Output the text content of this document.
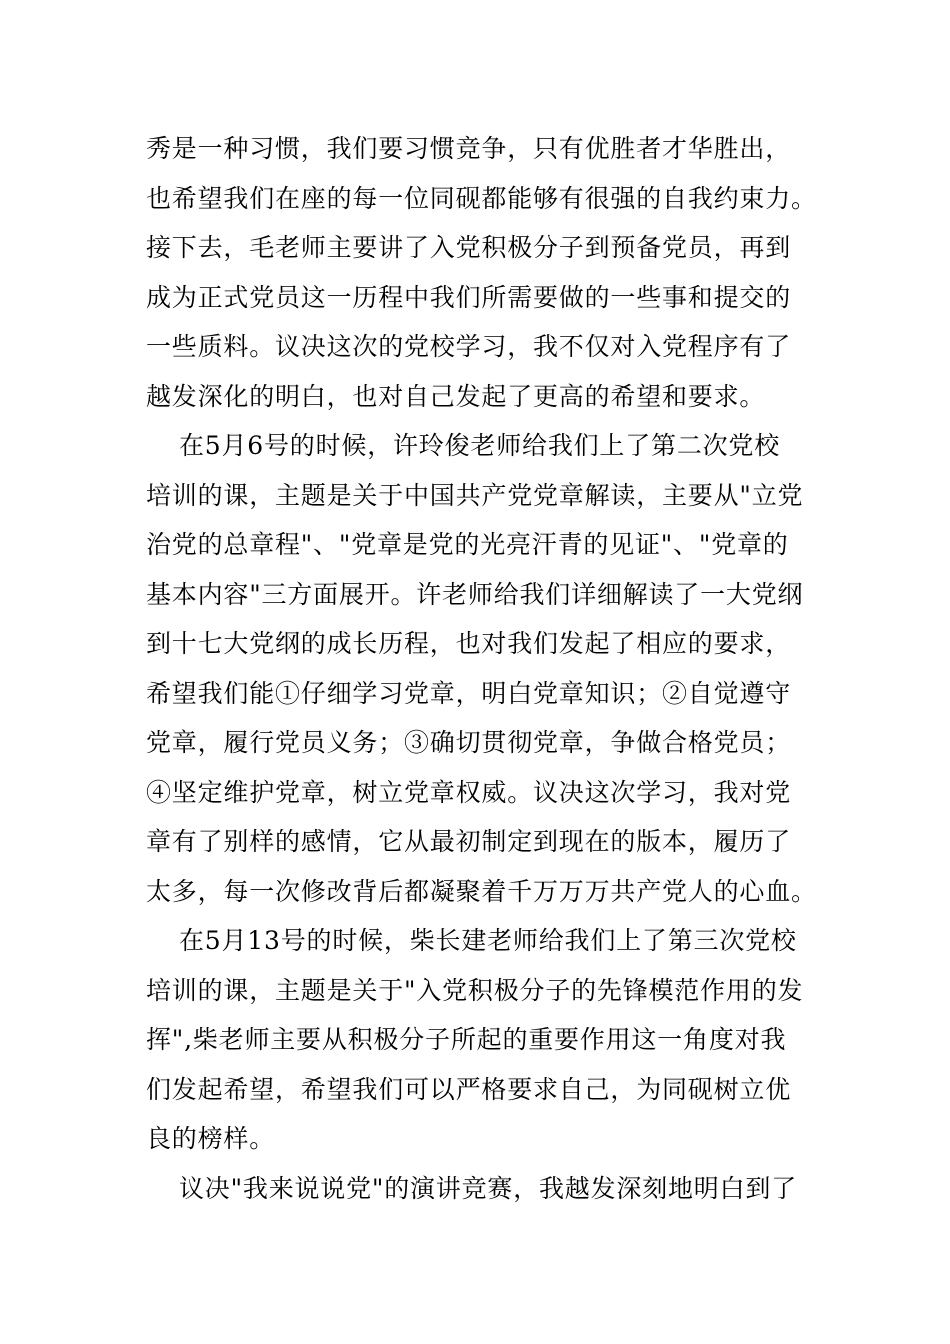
秀是一种习惯，我们要习惯竞争，只有优胜者才华胜出，
也希望我们在座的每一位同砚都能够有很强的自我约束力。
接下去，毛老师主要讲了入党积极分子到预备党员，再到
成为正式党员这一历程中我们所需要做的一些事和提交的
一些质料。议决这次的党校学习，我不仅对入党程序有了
越发深化的明白，也对自己发起了更高的希望和要求。
在5月6号的时候，许玲俊老师给我们上了第二次党校
培训的课，主题是关于中国共产党党章解读，主要从"立党
治党的总章程"、"党章是党的光亮汗青的见证"、"党章的
基本内容"三方面展开。许老师给我们详细解读了一大党纲
到十七大党纲的成长历程，也对我们发起了相应的要求，
希望我们能①仔细学习党章，明白党章知识；②自觉遵守
党章，履行党员义务；③确切贯彻党章，争做合格党员；
④坚定维护党章，树立党章权威。议决这次学习，我对党
章有了别样的感情，它从最初制定到现在的版本，履历了
太多，每一次修改背后都凝聚着千万万万共产党人的心血。
在5月13号的时候，柴长建老师给我们上了第三次党校
培训的课，主题是关于"入党积极分子的先锋模范作用的发
挥",柴老师主要从积极分子所起的重要作用这一角度对我
们发起希望，希望我们可以严格要求自己，为同砚树立优
良的榜样。
议决"我来说说党"的演讲竞赛，我越发深刻地明白到了
